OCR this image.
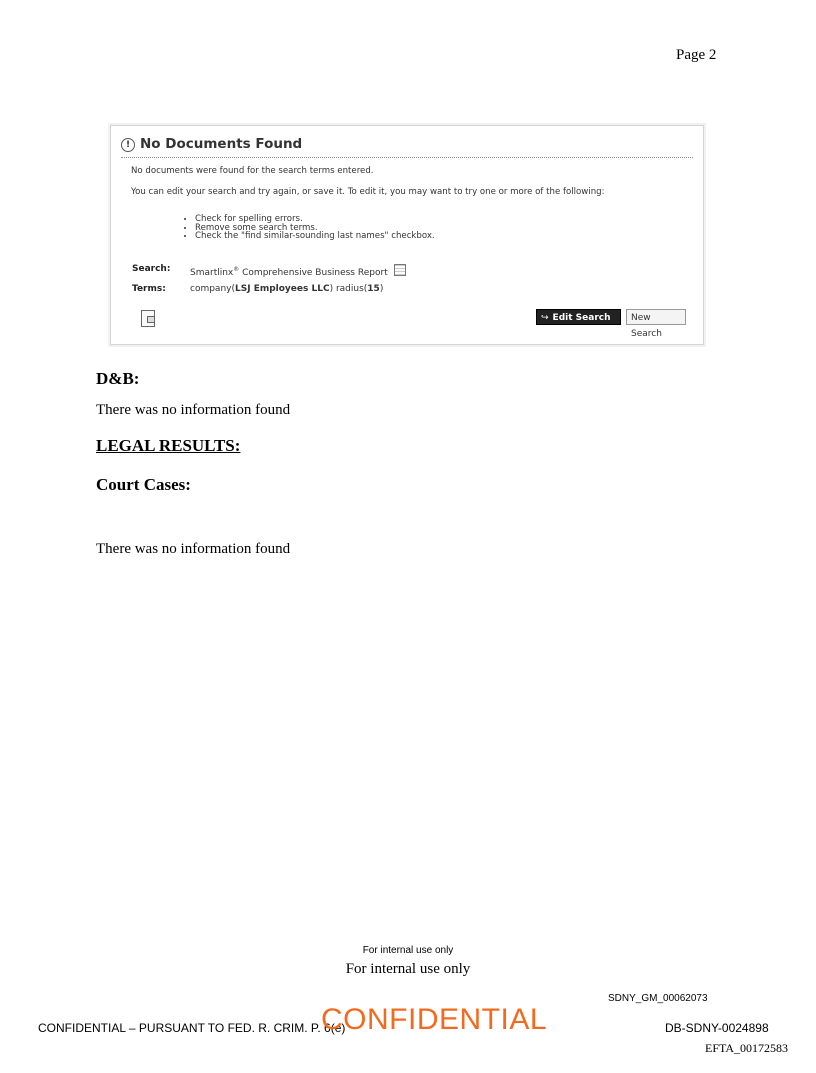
Page 2
! No Documents Found
No documents were found for the search terms entered.
You can edit your search and try again, or save it. To edit it, you may want to try one or more of the following:
• Check for spelling errors.
• Remove some search terms.
• Check the "find similar-sounding last names" checkbox.
Search: Smartlinx® Comprehensive Business Report
Terms:	company(LSJ Employees LLC) radius(15)
↪ Edit Search	New Search
D&B:
There was no information found
LEGAL RESULTS:
Court Cases:
There was no information found
For internal use only
For internal use only
SDNY_GM_00062073
CONFIDENTIAL – PURSUANT TO FED. R. CRIM. P. 6(e)
CONFIDENTIAL	DB-SDNY-0024898
EFTA_00172583
